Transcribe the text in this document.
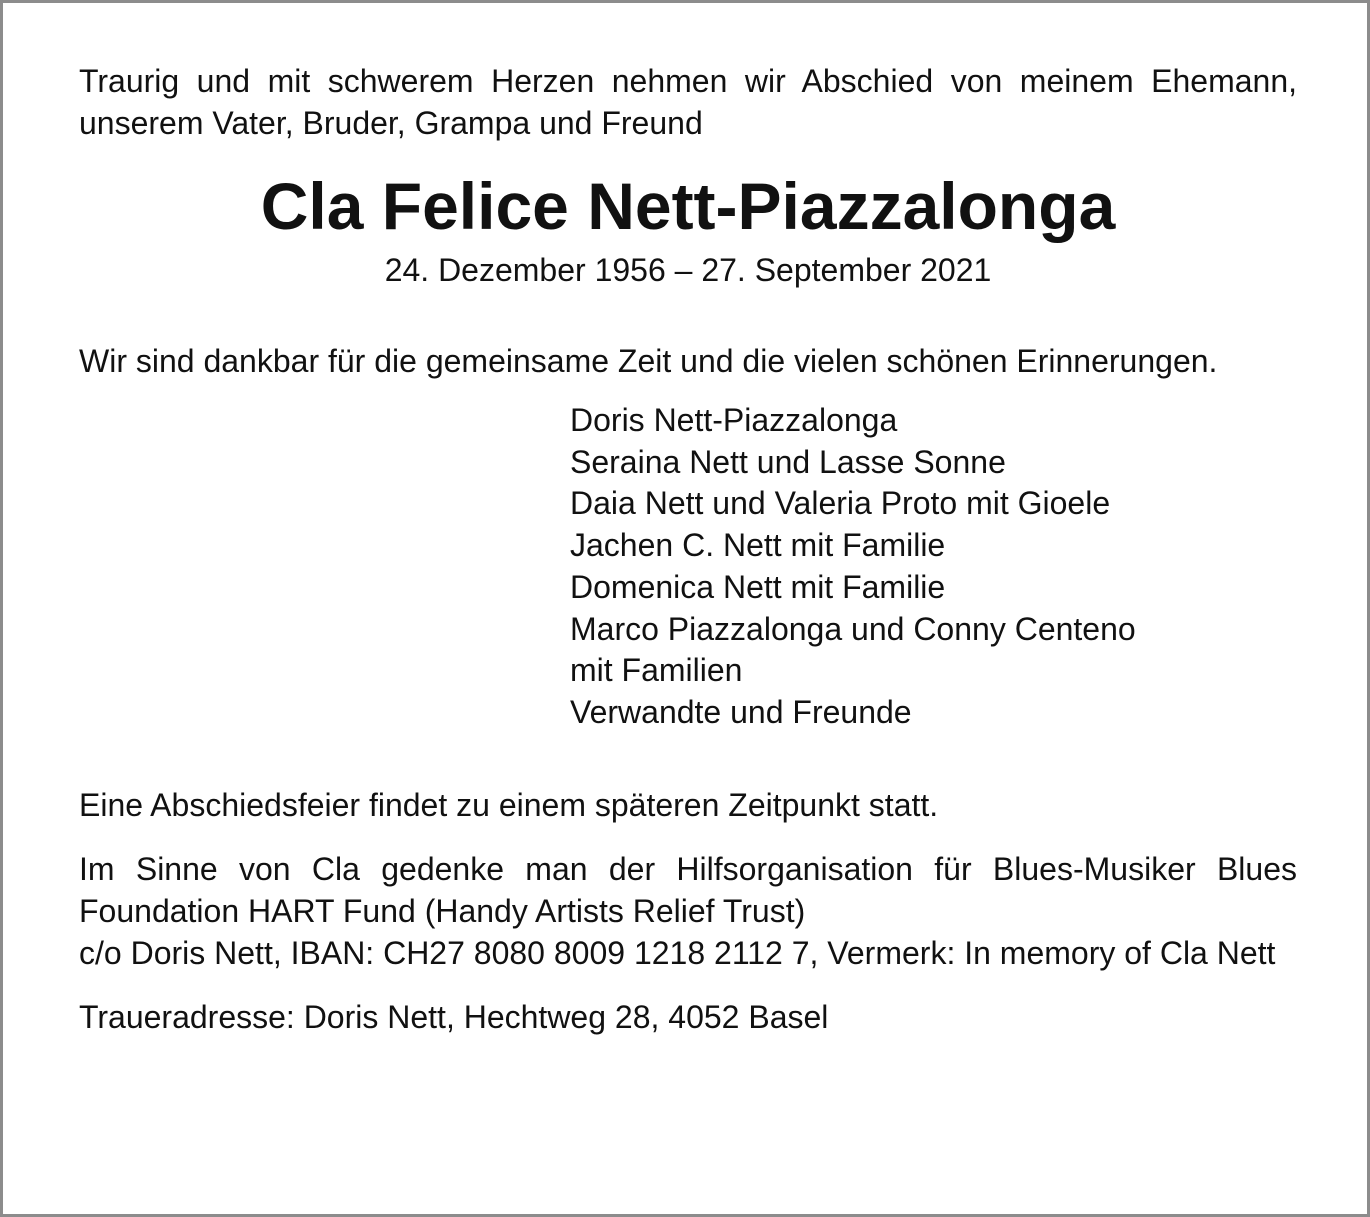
Traurig und mit schwerem Herzen nehmen wir Abschied von meinem Ehemann, unserem Vater, Bruder, Grampa und Freund

Cla Felice Nett-Piazzalonga

24. Dezember 1956 – 27. September 2021

Wir sind dankbar für die gemeinsame Zeit und die vielen schönen Erinnerungen.

Doris Nett-Piazzalonga
Seraina Nett und Lasse Sonne
Daia Nett und Valeria Proto mit Gioele
Jachen C. Nett mit Familie
Domenica Nett mit Familie
Marco Piazzalonga und Conny Centeno
mit Familien
Verwandte und Freunde

Eine Abschiedsfeier findet zu einem späteren Zeitpunkt statt.

Im Sinne von Cla gedenke man der Hilfsorganisation für Blues-Musiker Blues Foundation HART Fund (Handy Artists Relief Trust)
c/o Doris Nett, IBAN: CH27 8080 8009 1218 2112 7, Vermerk: In memory of Cla Nett

Traueradresse: Doris Nett, Hechtweg 28, 4052 Basel
